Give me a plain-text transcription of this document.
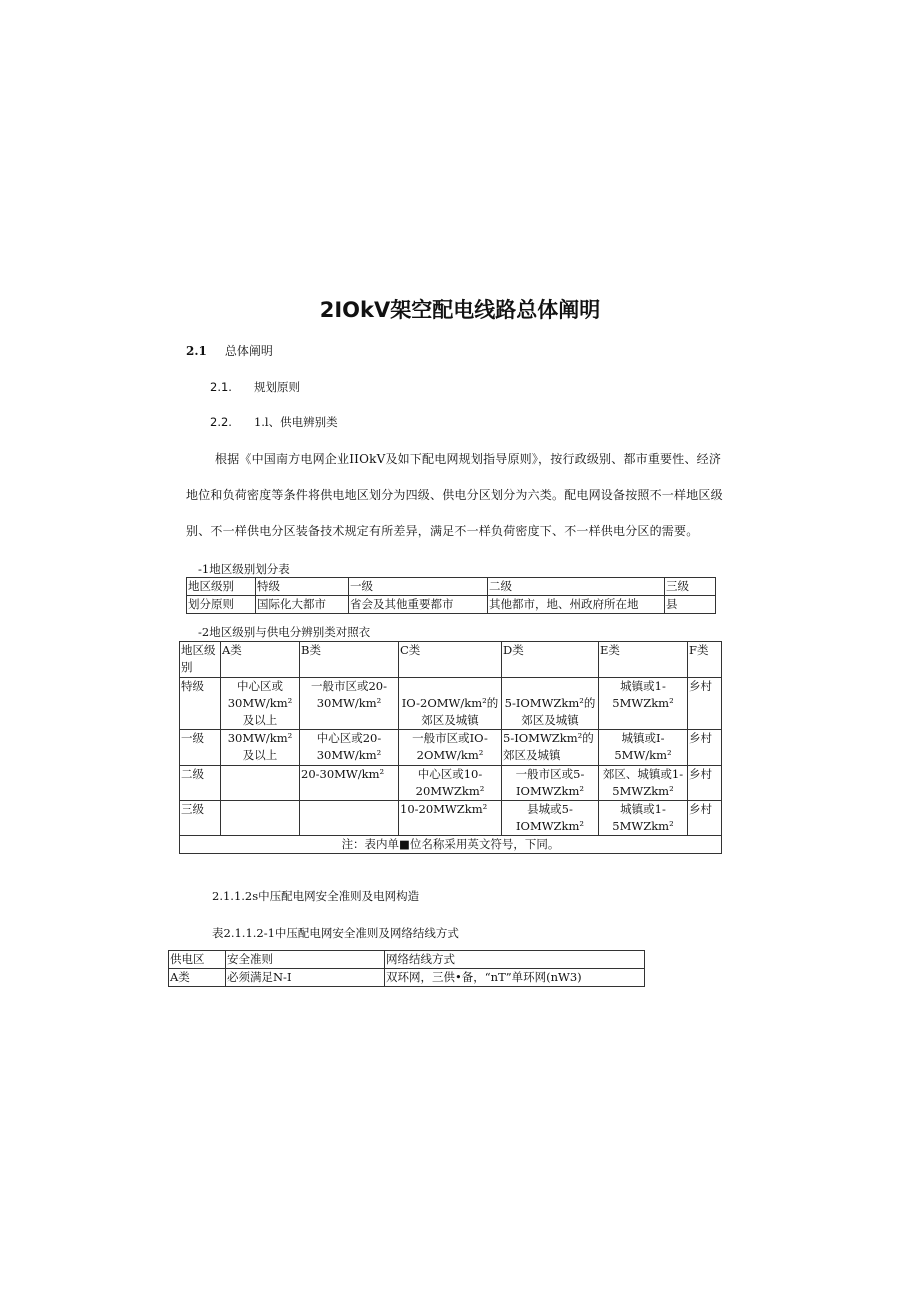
2IOkV架空配电线路总体阐明
2.1 总体阐明
2.1. 规划原则
2.2. 1.l、供电辨别类
根据《中国南方电网企业IIOkV及如下配电网规划指导原则》，按行政级别、都市重要性、经济
地位和负荷密度等条件将供电地区划分为四级、供电分区划分为六类。配电网设备按照不一样地区级
别、不一样供电分区装备技术规定有所差异，满足不一样负荷密度下、不一样供电分区的需要。
-1地区级别划分表
地区级别	特级	一级	二级	三级
划分原则	国际化大都市	省会及其他重要都市	其他都市，地、州政府所在地	县
-2地区级别与供电分辨别类对照衣
地区级别	A类	B类	C类	D类	E类	F类
特级	中心区或30MW/km²及以上	一般市区或20-30MW/km²	IO-2OMW/km²的郊区及城镇	5-IOMWZkm²的郊区及城镇	城镇或1-5MWZkm²	乡村
一级	30MW/km²及以上	中心区或20-30MW/km²	一般市区或IO-2OMW/km²	5-IOMWZkm²的郊区及城镇	城镇或I-5MW/km²	乡村
二级		20-30MW/km²	中心区或10-20MWZkm²	一般市区或5-IOMWZkm²	郊区、城镇或1-5MWZkm²	乡村
三级			10-20MWZkm²	县城或5-IOMWZkm²	城镇或1-5MWZkm²	乡村
注：表内单■位名称采用英文符号，下同。						
2.1.1.2s中压配电网安全准则及电网构造
表2.1.1.2-1中压配电网安全准则及网络结线方式
供电区	安全准则	网络结线方式
A类	必须满足N-I	双环网，三供•备，“nT”单环网(nW3)
